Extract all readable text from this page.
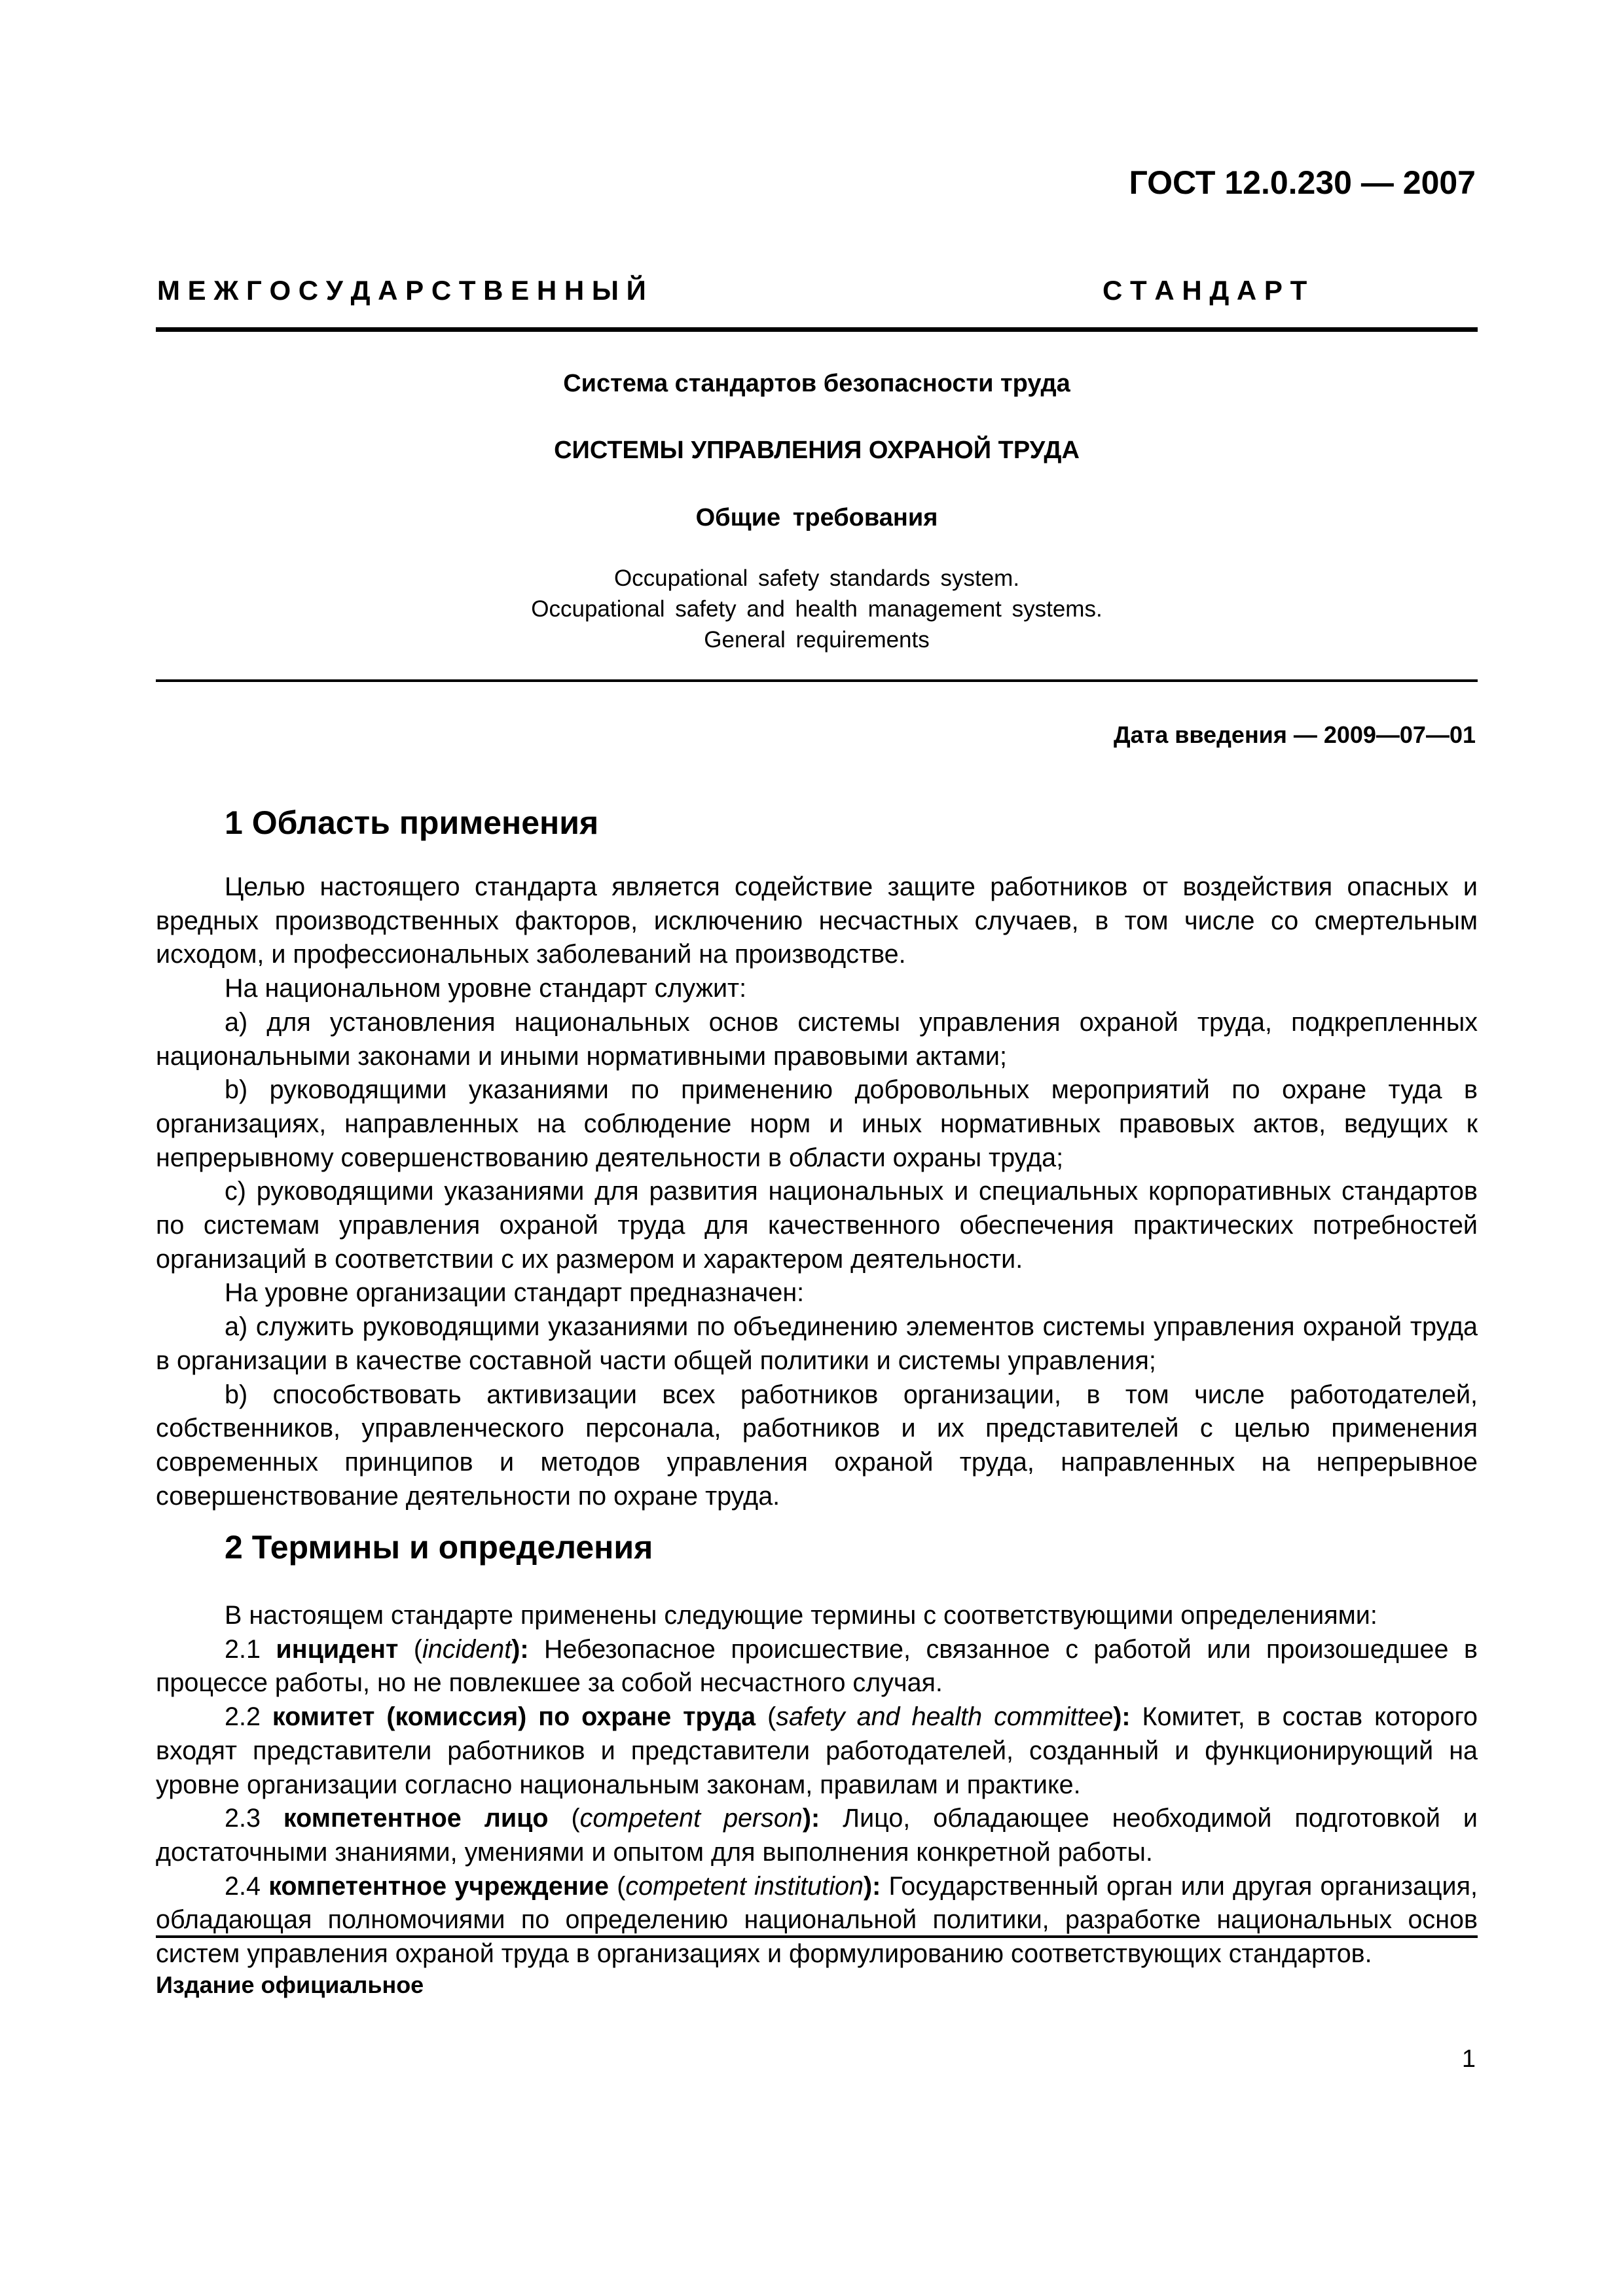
ГОСТ 12.0.230 — 2007

М Е Ж Г О С У Д А Р С Т В Е Н Н Ы Й	С Т А Н Д А Р Т

Система стандартов безопасности труда

СИСТЕМЫ УПРАВЛЕНИЯ ОХРАНОЙ ТРУДА

Общие требования

Occupational safety standards system.
Occupational safety and health management systems.
General requirements

Дата введения — 2009—07—01

1 Область применения

Целью настоящего стандарта является содействие защите работников от воздействия опасных и вредных производственных факторов, исключению несчастных случаев, в том числе со смертельным исходом, и профессиональных заболеваний на производстве.

На национальном уровне стандарт служит:

a) для установления национальных основ системы управления охраной труда, подкрепленных национальными законами и иными нормативными правовыми актами;

b) руководящими указаниями по применению добровольных мероприятий по охране туда в организациях, направленных на соблюдение норм и иных нормативных правовых актов, ведущих к непрерывному совершенствованию деятельности в области охраны труда;

c) руководящими указаниями для развития национальных и специальных корпоративных стандартов по системам управления охраной труда для качественного обеспечения практических потребностей организаций в соответствии с их размером и характером деятельности.

На уровне организации стандарт предназначен:

a) служить руководящими указаниями по объединению элементов системы управления охраной труда в организации в качестве составной части общей политики и системы управления;

b) способствовать активизации всех работников организации, в том числе работодателей, собственников, управленческого персонала, работников и их представителей с целью применения современных принципов и методов управления охраной труда, направленных на непрерывное совершенствование деятельности по охране труда.

2 Термины и определения

В настоящем стандарте применены следующие термины с соответствующими определениями:

2.1 инцидент (incident): Небезопасное происшествие, связанное с работой или произошедшее в процессе работы, но не повлекшее за собой несчастного случая.

2.2 комитет (комиссия) по охране труда (safety and health committee): Комитет, в состав которого входят представители работников и представители работодателей, созданный и функционирующий на уровне организации согласно национальным законам, правилам и практике.

2.3 компетентное лицо (competent person): Лицо, обладающее необходимой подготовкой и достаточными знаниями, умениями и опытом для выполнения конкретной работы.

2.4 компетентное учреждение (competent institution): Государственный орган или другая организация, обладающая полномочиями по определению национальной политики, разработке национальных основ систем управления охраной труда в организациях и формулированию соответствующих стандартов.

Издание официальное

1
